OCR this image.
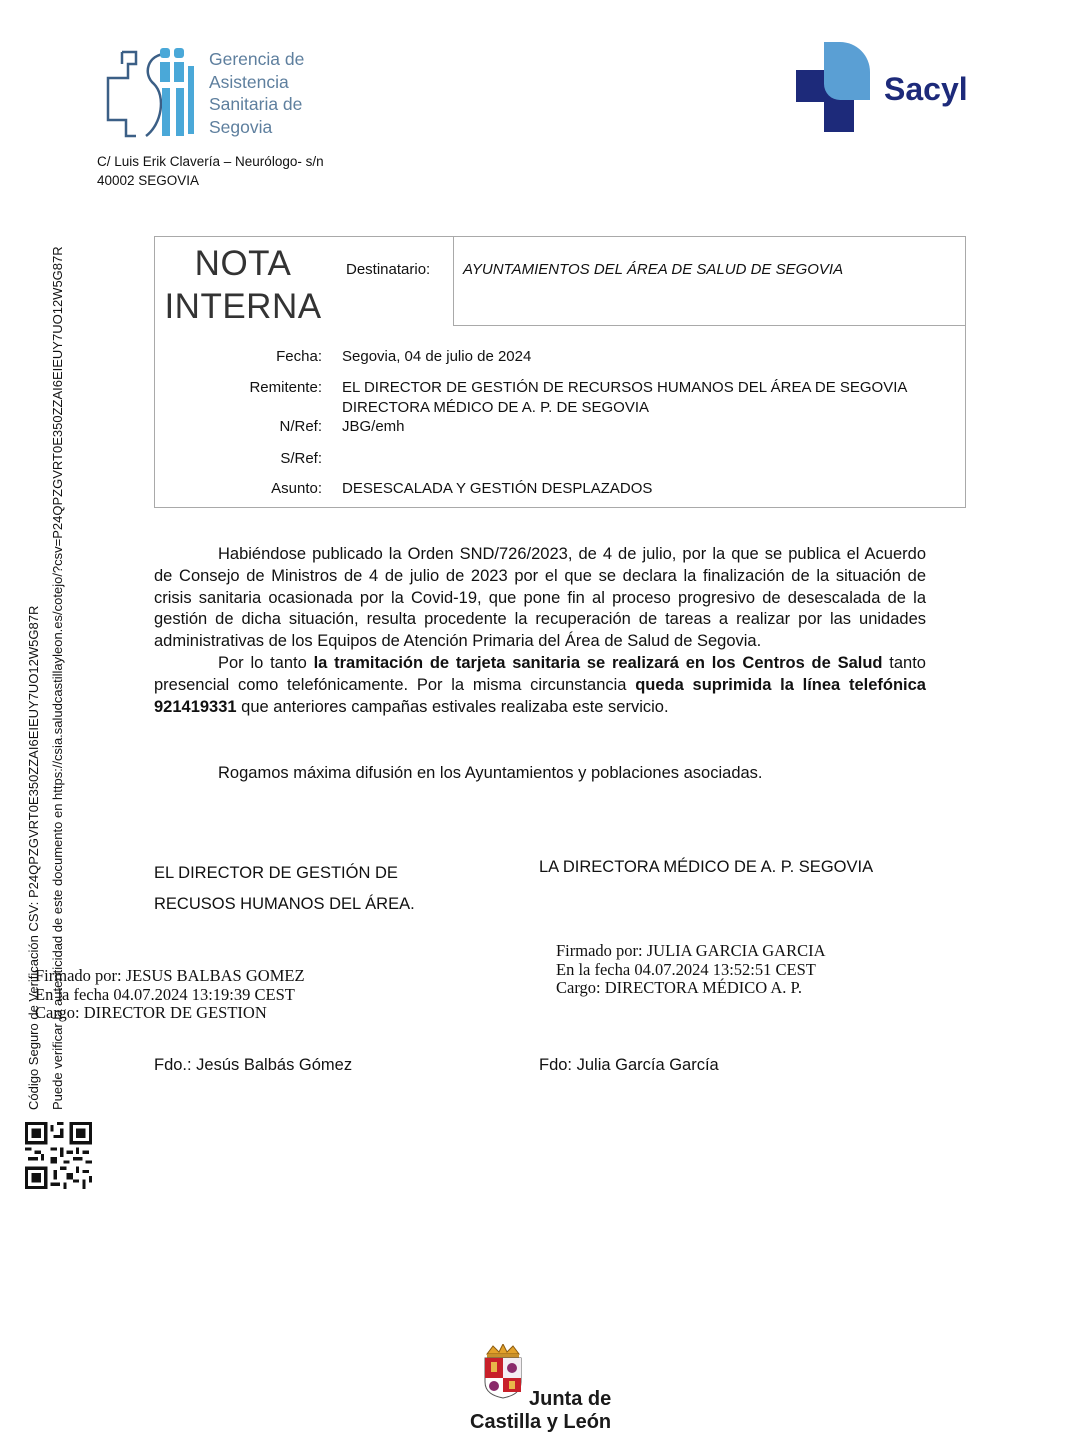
Gerencia de
Asistencia
Sanitaria de
Segovia
C/ Luis Erik Clavería – Neurólogo- s/n
40002 SEGOVIA
Sacyl
Código Seguro de Verificación CSV: P24QPZGVRT0E350ZZAI6EIEUY7UO12W5G87R Puede verificar la autenticidad de este documento en https://csia.saludcastillayleon.es/cotejo/?csv=P24QPZGVRT0E350ZZAI6EIEUY7UO12W5G87R	NOTA
INTERNA
Destinatario: AYUNTAMIENTOS DEL ÁREA DE SALUD DE SEGOVIA
Fecha: Segovia, 04 de julio de 2024
Remitente: EL DIRECTOR DE GESTIÓN DE RECURSOS HUMANOS DEL ÁREA DE SEGOVIA
DIRECTORA MÉDICO DE A. P. DE SEGOVIA
N/Ref: JBG/emh
S/Ref:
Asunto: DESESCALADA Y GESTIÓN DESPLAZADOS

Habiéndose publicado la Orden SND/726/2023, de 4 de julio, por la que se publica el Acuerdo de Consejo de Ministros de 4 de julio de 2023 por el que se declara la finalización de la situación de crisis sanitaria ocasionada por la Covid-19, que pone fin al proceso progresivo de desescalada de la gestión de dicha situación, resulta procedente la recuperación de tareas a realizar por las unidades administrativas de los Equipos de Atención Primaria del Área de Salud de Segovia.

Por lo tanto la tramitación de tarjeta sanitaria se realizará en los Centros de Salud tanto presencial como telefónicamente. Por la misma circunstancia queda suprimida la línea telefónica 921419331 que anteriores campañas estivales realizaba este servicio.

Rogamos máxima difusión en los Ayuntamientos y poblaciones asociadas.
EL DIRECTOR DE GESTIÓN DE
RECUSOS HUMANOS DEL ÁREA.
LA DIRECTORA MÉDICO DE A. P. SEGOVIA
Firmado por: JULIA GARCIA GARCIA
En la fecha 04.07.2024 13:52:51 CEST
Cargo: DIRECTORA MÉDICO A. P.
Firmado por: JESUS BALBAS GOMEZ
En la fecha 04.07.2024 13:19:39 CEST
Cargo: DIRECTOR DE GESTION
Fdo.: Jesús Balbás Gómez	Fdo: Julia García García
Junta de
Castilla y León
